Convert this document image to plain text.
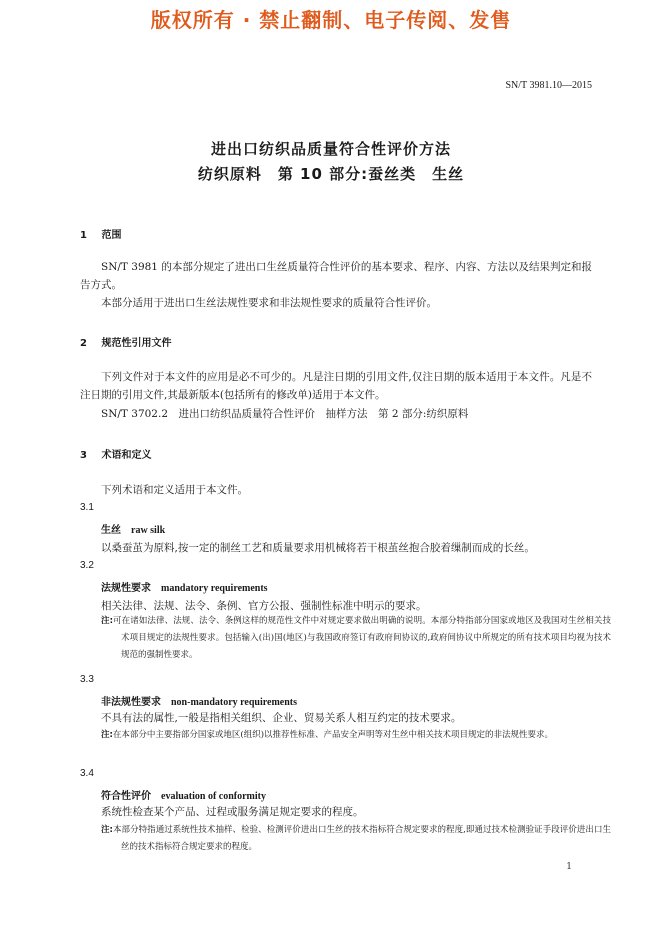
版权所有 · 禁止翻制、电子传阅、发售
SN/T 3981.10—2015
进出口纺织品质量符合性评价方法
纺织原料　第 10 部分:蚕丝类　生丝
1 范围
SN/T 3981 的本部分规定了进出口生丝质量符合性评价的基本要求、程序、内容、方法以及结果判定和报告方式。
本部分适用于进出口生丝法规性要求和非法规性要求的质量符合性评价。
2 规范性引用文件
下列文件对于本文件的应用是必不可少的。凡是注日期的引用文件,仅注日期的版本适用于本文件。凡是不注日期的引用文件,其最新版本(包括所有的修改单)适用于本文件。
SN/T 3702.2　进出口纺织品质量符合性评价　抽样方法　第 2 部分:纺织原料
3 术语和定义
下列术语和定义适用于本文件。
3.1
生丝 raw silk
以桑蚕茧为原料,按一定的制丝工艺和质量要求用机械将若干根茧丝抱合胶着缫制而成的长丝。
3.2
法规性要求 mandatory requirements
相关法律、法规、法令、条例、官方公报、强制性标准中明示的要求。
注:可在诸如法律、法规、法令、条例这样的规范性文件中对规定要求做出明确的说明。本部分特指部分国家或地区及我国对生丝相关技术项目规定的法规性要求。包括输入(出)国(地区)与我国政府签订有政府间协议的,政府间协议中所规定的所有技术项目均视为技术规范的强制性要求。
3.3
非法规性要求 non-mandatory requirements
不具有法的属性,一般是指相关组织、企业、贸易关系人相互约定的技术要求。
注:在本部分中主要指部分国家或地区(组织)以推荐性标准、产品安全声明等对生丝中相关技术项目规定的非法规性要求。
3.4
符合性评价 evaluation of conformity
系统性检查某个产品、过程或服务满足规定要求的程度。
注:本部分特指通过系统性技术抽样、检验、检测评价进出口生丝的技术指标符合规定要求的程度,即通过技术检测验证手段评价进出口生丝的技术指标符合规定要求的程度。
1
